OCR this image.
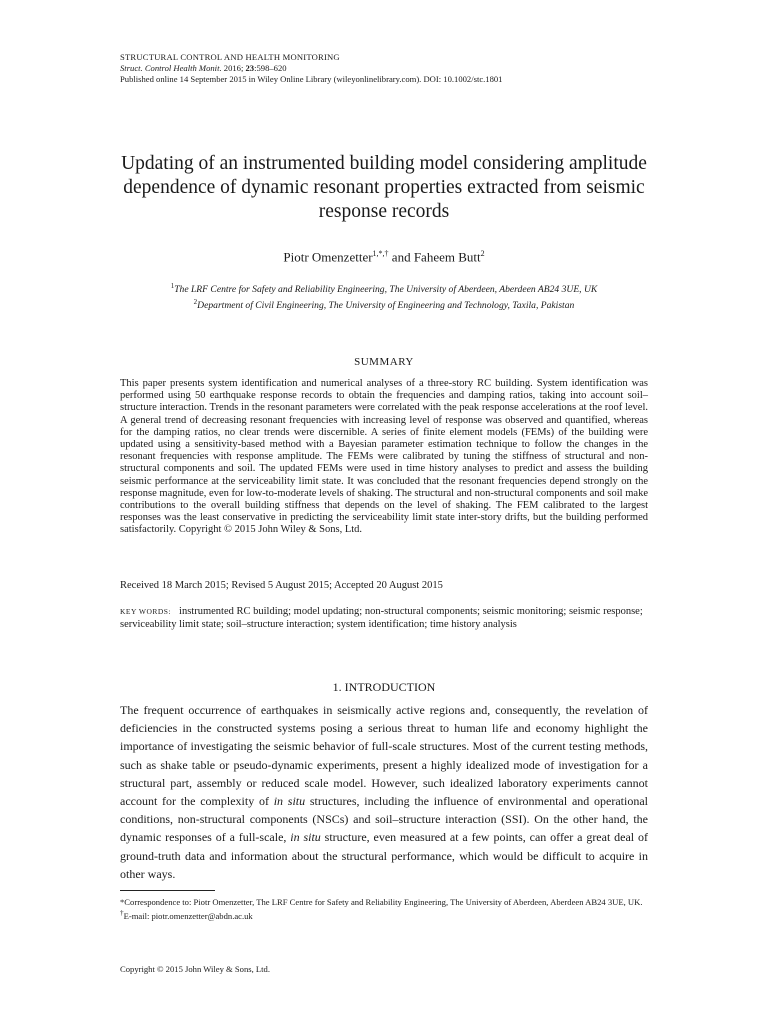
STRUCTURAL CONTROL AND HEALTH MONITORING
Struct. Control Health Monit. 2016; 23:598–620
Published online 14 September 2015 in Wiley Online Library (wileyonlinelibrary.com). DOI: 10.1002/stc.1801
Updating of an instrumented building model considering amplitude dependence of dynamic resonant properties extracted from seismic response records
Piotr Omenzetter$^{1,*,\dagger}$ and Faheem Butt$^2$
$^1$The LRF Centre for Safety and Reliability Engineering, The University of Aberdeen, Aberdeen AB24 3UE, UK
$^2$Department of Civil Engineering, The University of Engineering and Technology, Taxila, Pakistan
SUMMARY
This paper presents system identification and numerical analyses of a three-story RC building. System identification was performed using 50 earthquake response records to obtain the frequencies and damping ratios, taking into account soil–structure interaction. Trends in the resonant parameters were correlated with the peak response accelerations at the roof level. A general trend of decreasing resonant frequencies with increasing level of response was observed and quantified, whereas for the damping ratios, no clear trends were discernible. A series of finite element models (FEMs) of the building were updated using a sensitivity-based method with a Bayesian parameter estimation technique to follow the changes in the resonant frequencies with response amplitude. The FEMs were calibrated by tuning the stiffness of structural and non-structural components and soil. The updated FEMs were used in time history analyses to predict and assess the building seismic performance at the serviceability limit state. It was concluded that the resonant frequencies depend strongly on the response magnitude, even for low-to-moderate levels of shaking. The structural and non-structural components and soil make contributions to the overall building stiffness that depends on the level of shaking. The FEM calibrated to the largest responses was the least conservative in predicting the serviceability limit state inter-story drifts, but the building performed satisfactorily. Copyright © 2015 John Wiley & Sons, Ltd.
Received 18 March 2015; Revised 5 August 2015; Accepted 20 August 2015
KEY WORDS: instrumented RC building; model updating; non-structural components; seismic monitoring; seismic response; serviceability limit state; soil–structure interaction; system identification; time history analysis
1. INTRODUCTION
The frequent occurrence of earthquakes in seismically active regions and, consequently, the revelation of deficiencies in the constructed systems posing a serious threat to human life and economy highlight the importance of investigating the seismic behavior of full-scale structures. Most of the current testing methods, such as shake table or pseudo-dynamic experiments, present a highly idealized mode of investigation for a structural part, assembly or reduced scale model. However, such idealized laboratory experiments cannot account for the complexity of in situ structures, including the influence of environmental and operational conditions, non-structural components (NSCs) and soil–structure interaction (SSI). On the other hand, the dynamic responses of a full-scale, in situ structure, even measured at a few points, can offer a great deal of ground-truth data and information about the structural performance, which would be difficult to acquire in other ways.
*Correspondence to: Piotr Omenzetter, The LRF Centre for Safety and Reliability Engineering, The University of Aberdeen, Aberdeen AB24 3UE, UK.
†E-mail: piotr.omenzetter@abdn.ac.uk
Copyright © 2015 John Wiley & Sons, Ltd.
